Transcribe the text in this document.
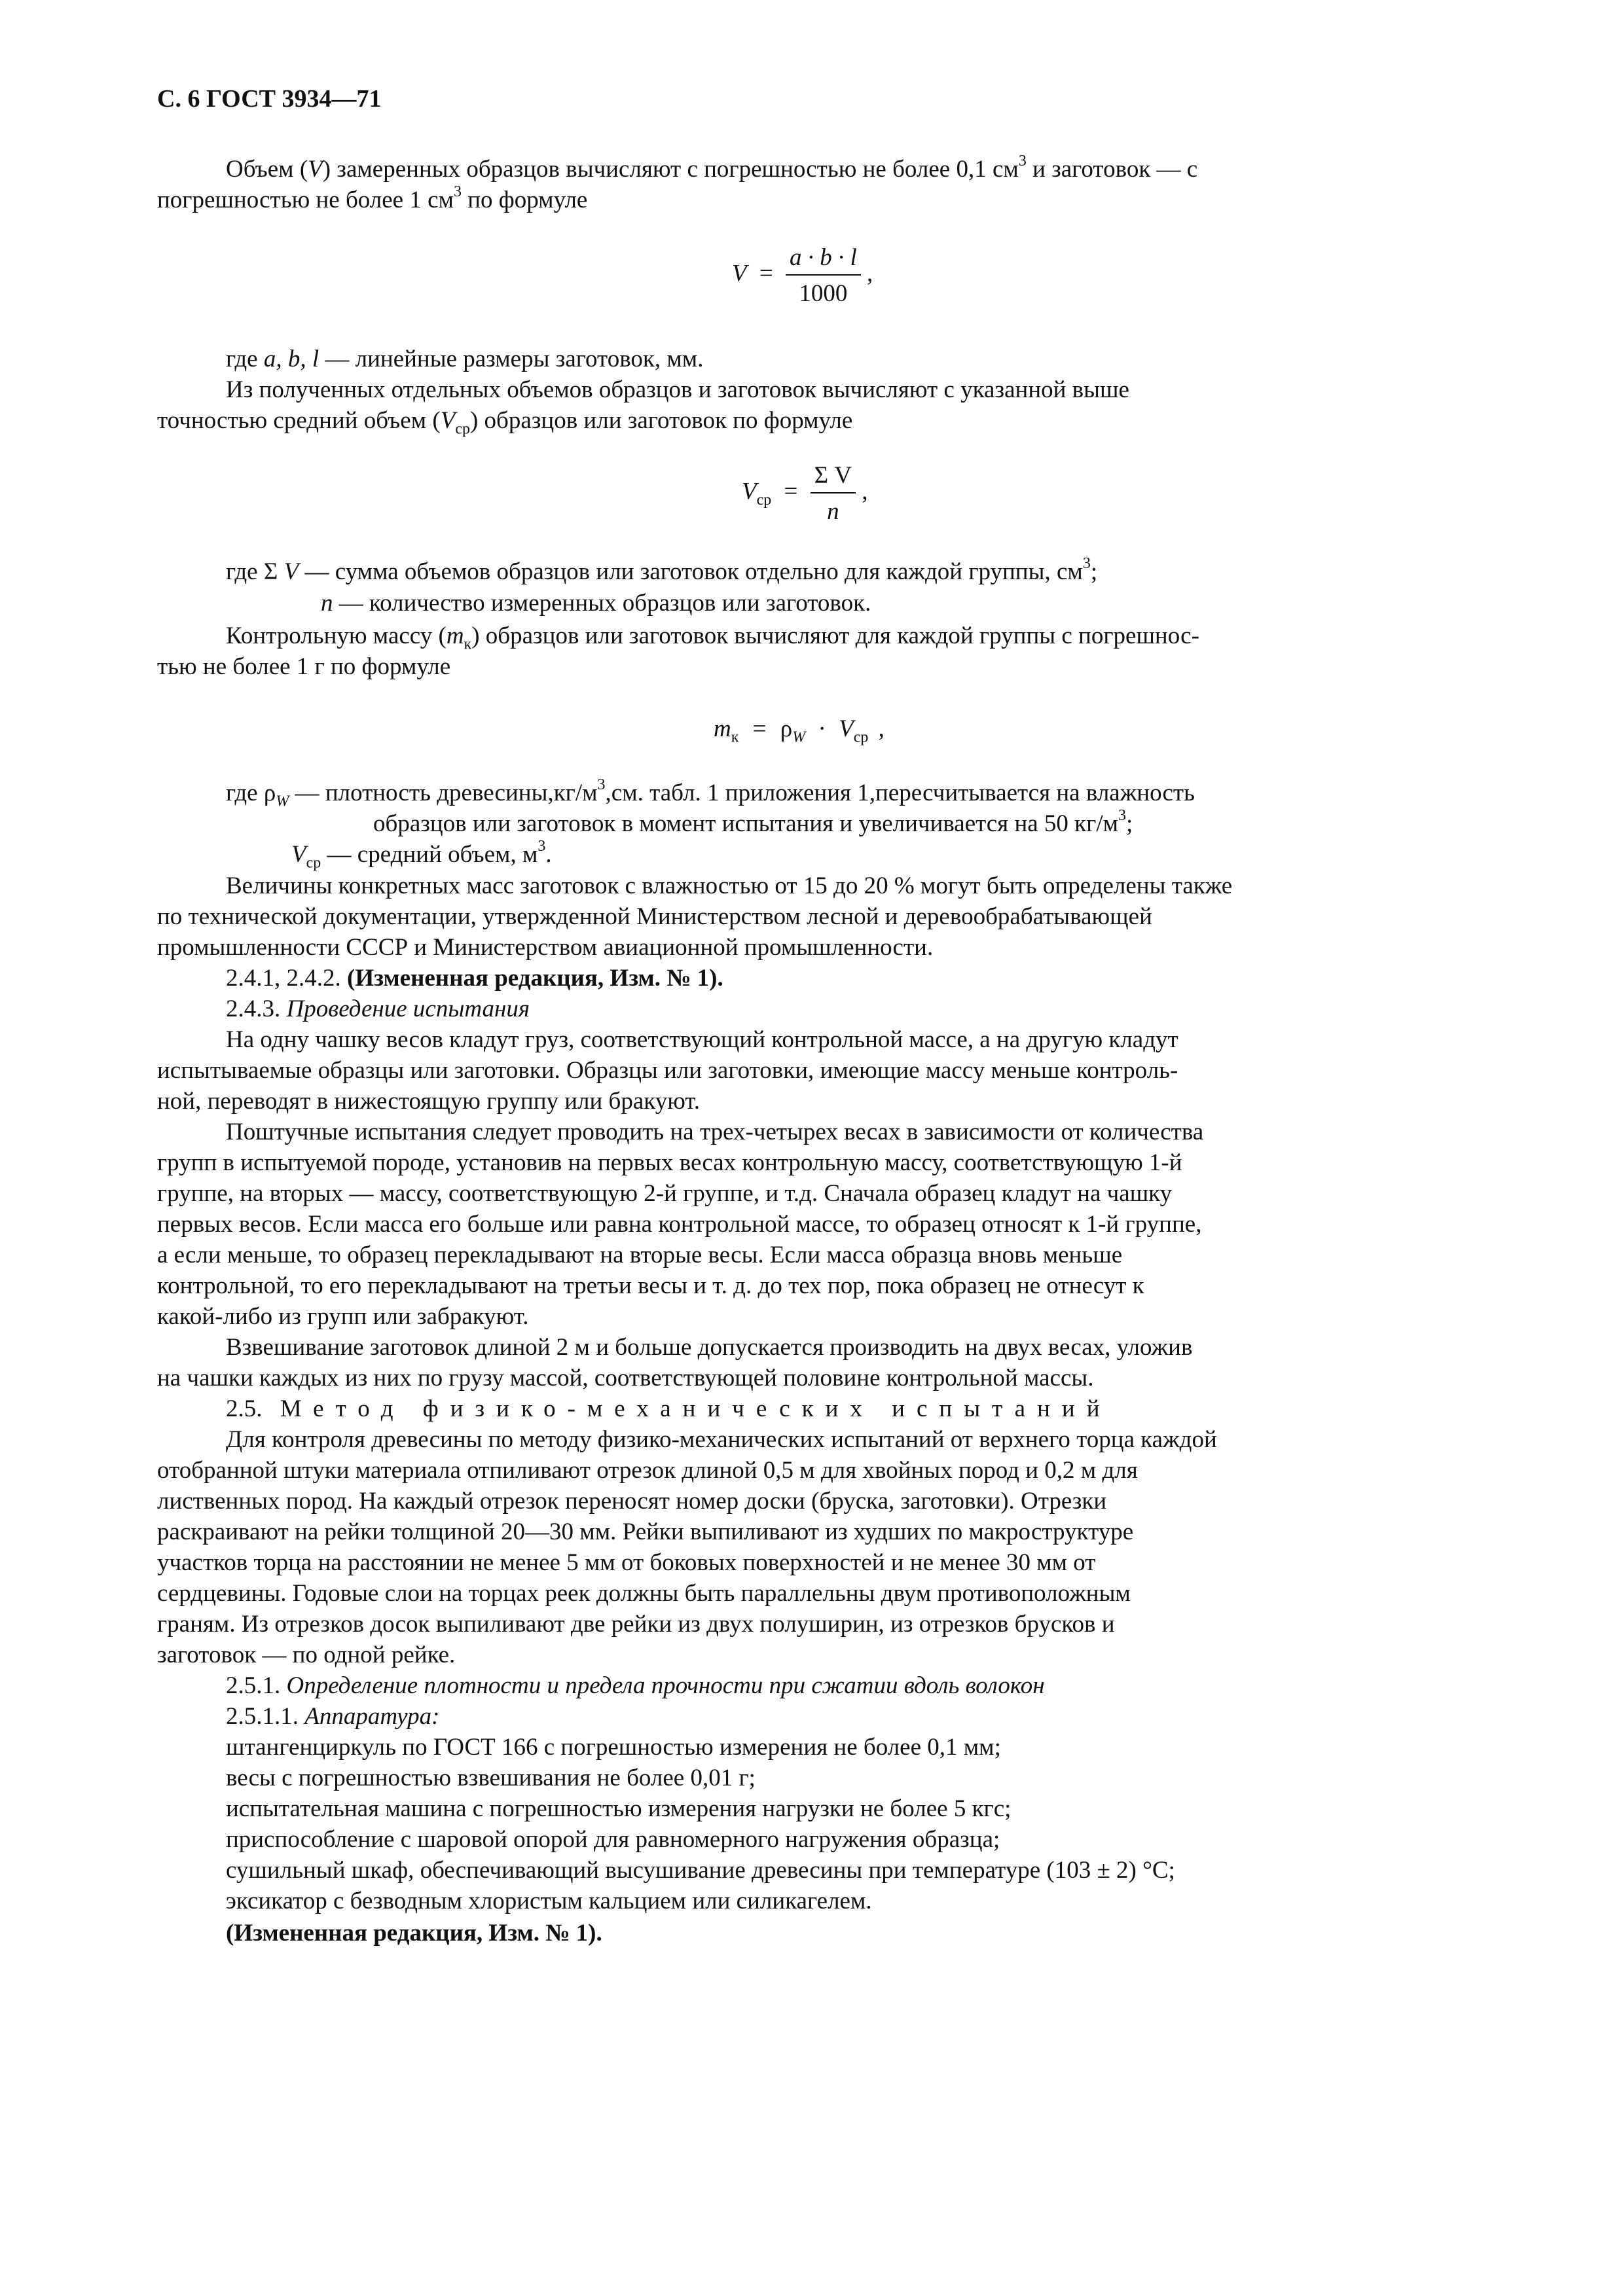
С. 6 ГОСТ 3934—71
Объем (V) замеренных образцов вычисляют с погрешностью не более 0,1 $см^3$ и заготовок — с
погрешностью не более 1 $см^3$ по формуле
$V = \frac{a \cdot b \cdot l}{1000}$ ,
где a, b, l — линейные размеры заготовок, мм.
Из полученных отдельных объемов образцов и заготовок вычисляют с указанной выше
точностью средний объем $(V_{ср})$ образцов или заготовок по формуле
$V_{ср} = \frac{\text{Σ V}}{n}$ ,
где Σ V — сумма объемов образцов или заготовок отдельно для каждой группы, $см^3$;
n — количество измеренных образцов или заготовок.
Контрольную массу $(m_к)$ образцов или заготовок вычисляют для каждой группы с погрешнос-
тью не более 1 г по формуле
$m_к = \rho_W \cdot V_{ср}$ ,
где $\rho_W$ — плотность $древесины,кг/м^3,см$. табл. 1 приложения 1,пересчитывается на влажность
образцов или заготовок в момент испытания и увеличивается на 50 $кг/м^3$;
$V_{ср}$ — средний объем, $м^3$.
Величины конкретных масс заготовок с влажностью от 15 до 20 % могут быть определены также
по технической документации, утвержденной Министерством лесной и деревообрабатывающей
промышленности СССР и Министерством авиационной промышленности.
2.4.1, 2.4.2. (Измененная редакция, Изм. № 1).
2.4.3. Проведение испытания
На одну чашку весов кладут груз, соответствующий контрольной массе, а на другую кладут
испытываемые образцы или заготовки. Образцы или заготовки, имеющие массу меньше контроль-
ной, переводят в нижестоящую группу или бракуют.
Поштучные испытания следует проводить на трех-четырех весах в зависимости от количества
групп в испытуемой породе, установив на первых весах контрольную массу, соответствующую 1-й
группе, на вторых — массу, соответствующую 2-й группе, и т.д. Сначала образец кладут на чашку
первых весов. Если масса его больше или равна контрольной массе, то образец относят к 1-й группе,
а если меньше, то образец перекладывают на вторые весы. Если масса образца вновь меньше
контрольной, то его перекладывают на третьи весы и т. д. до тех пор, пока образец не отнесут к
какой-либо из групп или забракуют.
Взвешивание заготовок длиной 2 м и больше допускается производить на двух весах, уложив
на чашки каждых из них по грузу массой, соответствующей половине контрольной массы.
2.5. Метод физико-механических испытаний
Для контроля древесины по методу физико-механических испытаний от верхнего торца каждой
отобранной штуки материала отпиливают отрезок длиной 0,5 м для хвойных пород и 0,2 м для
лиственных пород. На каждый отрезок переносят номер доски (бруска, заготовки). Отрезки
раскраивают на рейки толщиной 20—30 мм. Рейки выпиливают из худших по макроструктуре
участков торца на расстоянии не менее 5 мм от боковых поверхностей и не менее 30 мм от
сердцевины. Годовые слои на торцах реек должны быть параллельны двум противоположным
граням. Из отрезков досок выпиливают две рейки из двух полуширин, из отрезков брусков и
заготовок — по одной рейке.
2.5.1. Определение плотности и предела прочности при сжатии вдоль волокон
2.5.1.1. Аппаратура:
штангенциркуль по ГОСТ 166 с погрешностью измерения не более 0,1 мм;
весы с погрешностью взвешивания не более 0,01 г;
испытательная машина с погрешностью измерения нагрузки не более 5 кгс;
приспособление с шаровой опорой для равномерного нагружения образца;
сушильный шкаф, обеспечивающий высушивание древесины при температуре (103 ± 2) °С;
эксикатор с безводным хлористым кальцием или силикагелем.
(Измененная редакция, Изм. № 1).
